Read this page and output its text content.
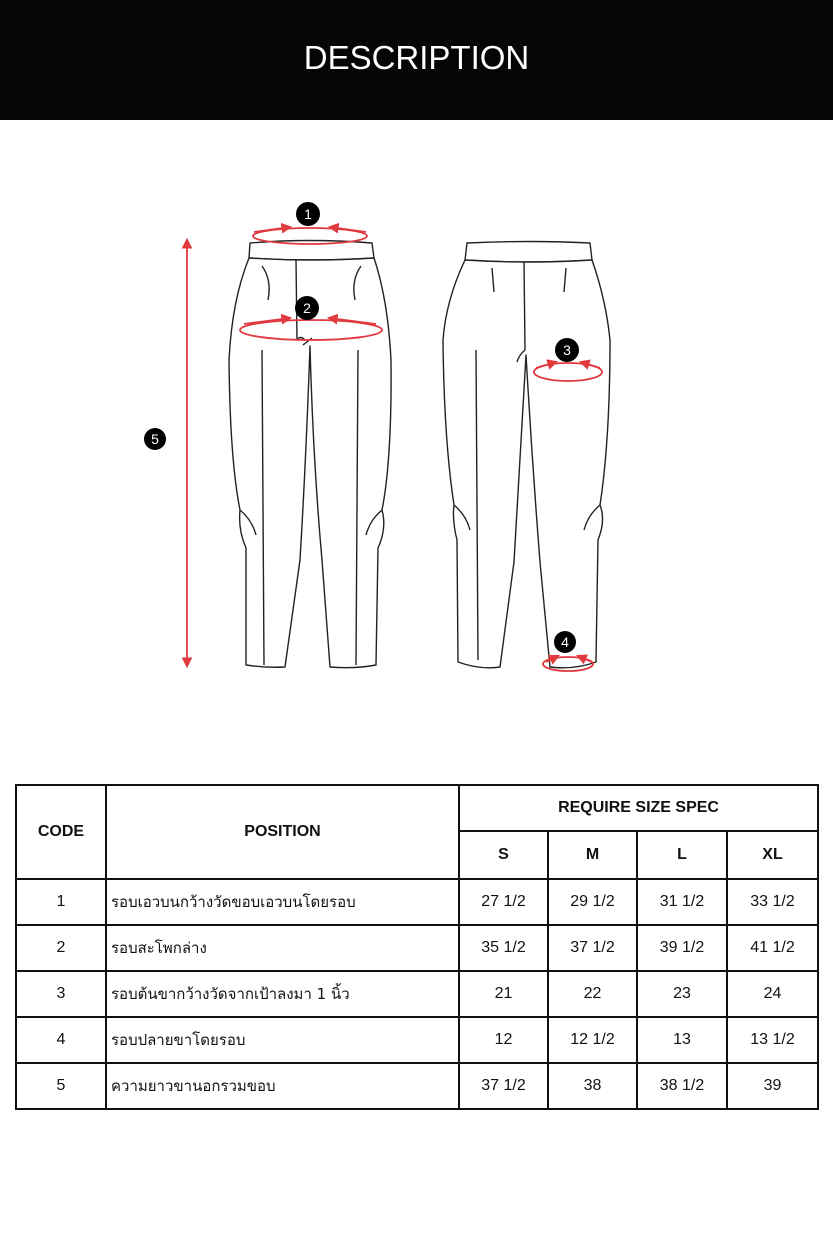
DESCRIPTION
1
2
3
4
5
CODE	POSITION	REQUIRE SIZE SPEC			
		S	M	L	XL
1	รอบเอวบนกว้างวัดขอบเอวบนโดยรอบ	27 1/2	29 1/2	31 1/2	33 1/2
2	รอบสะโพกล่าง	35 1/2	37 1/2	39 1/2	41 1/2
3	รอบต้นขากว้างวัดจากเป้าลงมา 1 นิ้ว	21	22	23	24
4	รอบปลายขาโดยรอบ	12	12 1/2	13	13 1/2
5	ความยาวขานอกรวมขอบ	37 1/2	38	38 1/2	39
